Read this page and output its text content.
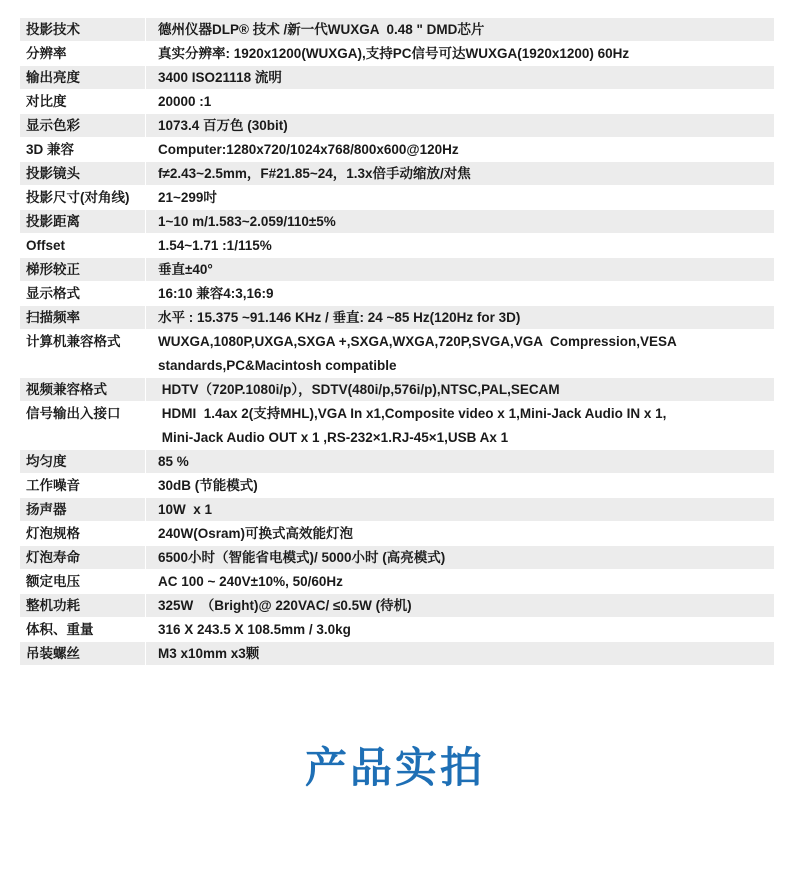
投影技术	德州仪器DLP® 技术 /新一代WUXGA  0.48 " DMD芯片
分辨率	真实分辨率: 1920x1200(WUXGA),支持PC信号可达WUXGA(1920x1200) 60Hz
输出亮度	3400 ISO21118 流明
对比度	20000 :1
显示色彩	1073.4 百万色 (30bit)
3D 兼容	Computer:1280x720/1024x768/800x600@120Hz
投影镜头	f≠2.43~2.5mm，F#21.85~24，1.3x倍手动缩放/对焦
投影尺寸(对角线)	21~299吋
投影距离	1~10 m/1.583~2.059/110±5%
Offset	1.54~1.71 :1/115%
梯形较正	垂直±40°
显示格式	16:10 兼容4:3,16:9
扫描频率	水平 : 15.375 ~91.146 KHz / 垂直: 24 ~85 Hz(120Hz for 3D)
计算机兼容格式	WUXGA,1080P,UXGA,SXGA +,SXGA,WXGA,720P,SVGA,VGA  Compression,VESA
standards,PC&Macintosh compatible
视频兼容格式	HDTV（720P.1080i/p），SDTV(480i/p,576i/p),NTSC,PAL,SECAM
信号输出入接口	HDMI  1.4ax 2(支持MHL),VGA In x1,Composite video x 1,Mini-Jack Audio IN x 1,
Mini-Jack Audio OUT x 1 ,RS-232×1.RJ-45×1,USB Ax 1
均匀度	85 %
工作噪音	30dB (节能模式)
扬声器	10W  x 1
灯泡规格	240W(Osram)可换式高效能灯泡
灯泡寿命	6500小时（智能省电模式)/ 5000小时 (高亮模式)
额定电压	AC 100 ~ 240V±10%, 50/60Hz
整机功耗	325W  （Bright)@ 220VAC/ ≤0.5W (待机)
体积、重量	316 X 243.5 X 108.5mm / 3.0kg
吊装螺丝	M3 x10mm x3颗
产品实拍
